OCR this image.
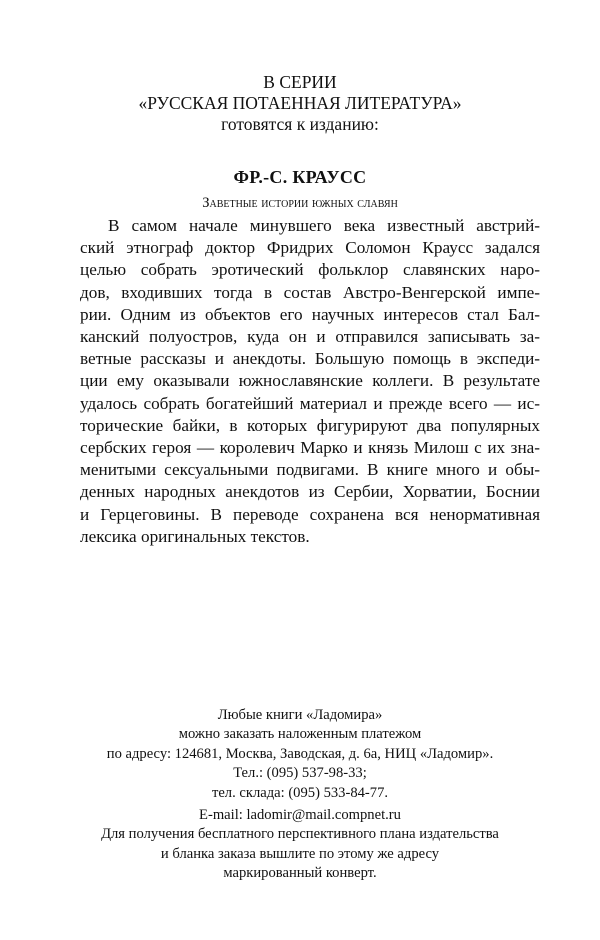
В СЕРИИ
«РУССКАЯ ПОТАЕННАЯ ЛИТЕРАТУРА»
готовятся к изданию:
ФР.-С. КРАУСС
Заветные истории южных славян
В самом начале минувшего века известный австрий-
ский этнограф доктор Фридрих Соломон Краусс задался
целью собрать эротический фольклор славянских наро-
дов, входивших тогда в состав Австро-Венгерской импе-
рии. Одним из объектов его научных интересов стал Бал-
канский полуостров, куда он и отправился записывать за-
ветные рассказы и анекдоты. Большую помощь в экспеди-
ции ему оказывали южнославянские коллеги. В результате
удалось собрать богатейший материал и прежде всего — ис-
торические байки, в которых фигурируют два популярных
сербских героя — королевич Марко и князь Милош с их зна-
менитыми сексуальными подвигами. В книге много и обы-
денных народных анекдотов из Сербии, Хорватии, Боснии
и Герцеговины. В переводе сохранена вся ненормативная
лексика оригинальных текстов.
Любые книги «Ладомира»
можно заказать наложенным платежом
по адресу: 124681, Москва, Заводская, д. 6а, НИЦ «Ладомир».
Тел.: (095) 537-98-33;
тел. склада: (095) 533-84-77.
E-mail: ladomir@mail.compnet.ru
Для получения бесплатного перспективного плана издательства
и бланка заказа вышлите по этому же адресу
маркированный конверт.
